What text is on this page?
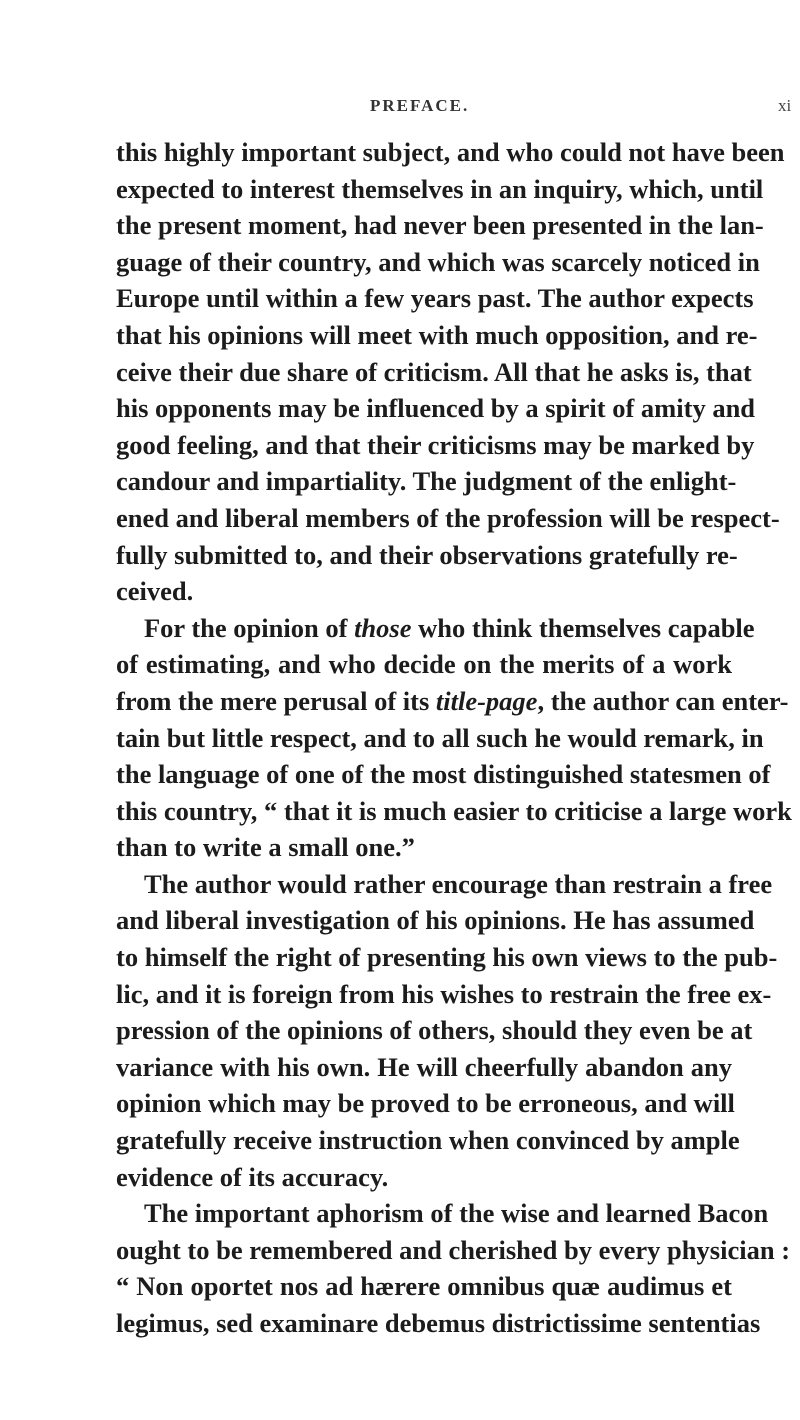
PREFACE.	xi
this highly important subject, and who could not have been
expected to interest themselves in an inquiry, which, until
the present moment, had never been presented in the lan-
guage of their country, and which was scarcely noticed in
Europe until within a few years past. The author expects
that his opinions will meet with much opposition, and re-
ceive their due share of criticism. All that he asks is, that
his opponents may be influenced by a spirit of amity and
good feeling, and that their criticisms may be marked by
candour and impartiality. The judgment of the enlight-
ened and liberal members of the profession will be respect-
fully submitted to, and their observations gratefully re-
ceived.
For the opinion of those who think themselves capable
of estimating, and who decide on the merits of a work
from the mere perusal of its title-page, the author can enter-
tain but little respect, and to all such he would remark, in
the language of one of the most distinguished statesmen of
this country, “ that it is much easier to criticise a large work
than to write a small one.”
The author would rather encourage than restrain a free
and liberal investigation of his opinions. He has assumed
to himself the right of presenting his own views to the pub-
lic, and it is foreign from his wishes to restrain the free ex-
pression of the opinions of others, should they even be at
variance with his own. He will cheerfully abandon any
opinion which may be proved to be erroneous, and will
gratefully receive instruction when convinced by ample
evidence of its accuracy.
The important aphorism of the wise and learned Bacon
ought to be remembered and cherished by every physician :
“ Non oportet nos ad hærere omnibus quæ audimus et
legimus, sed examinare debemus districtissime sententias
